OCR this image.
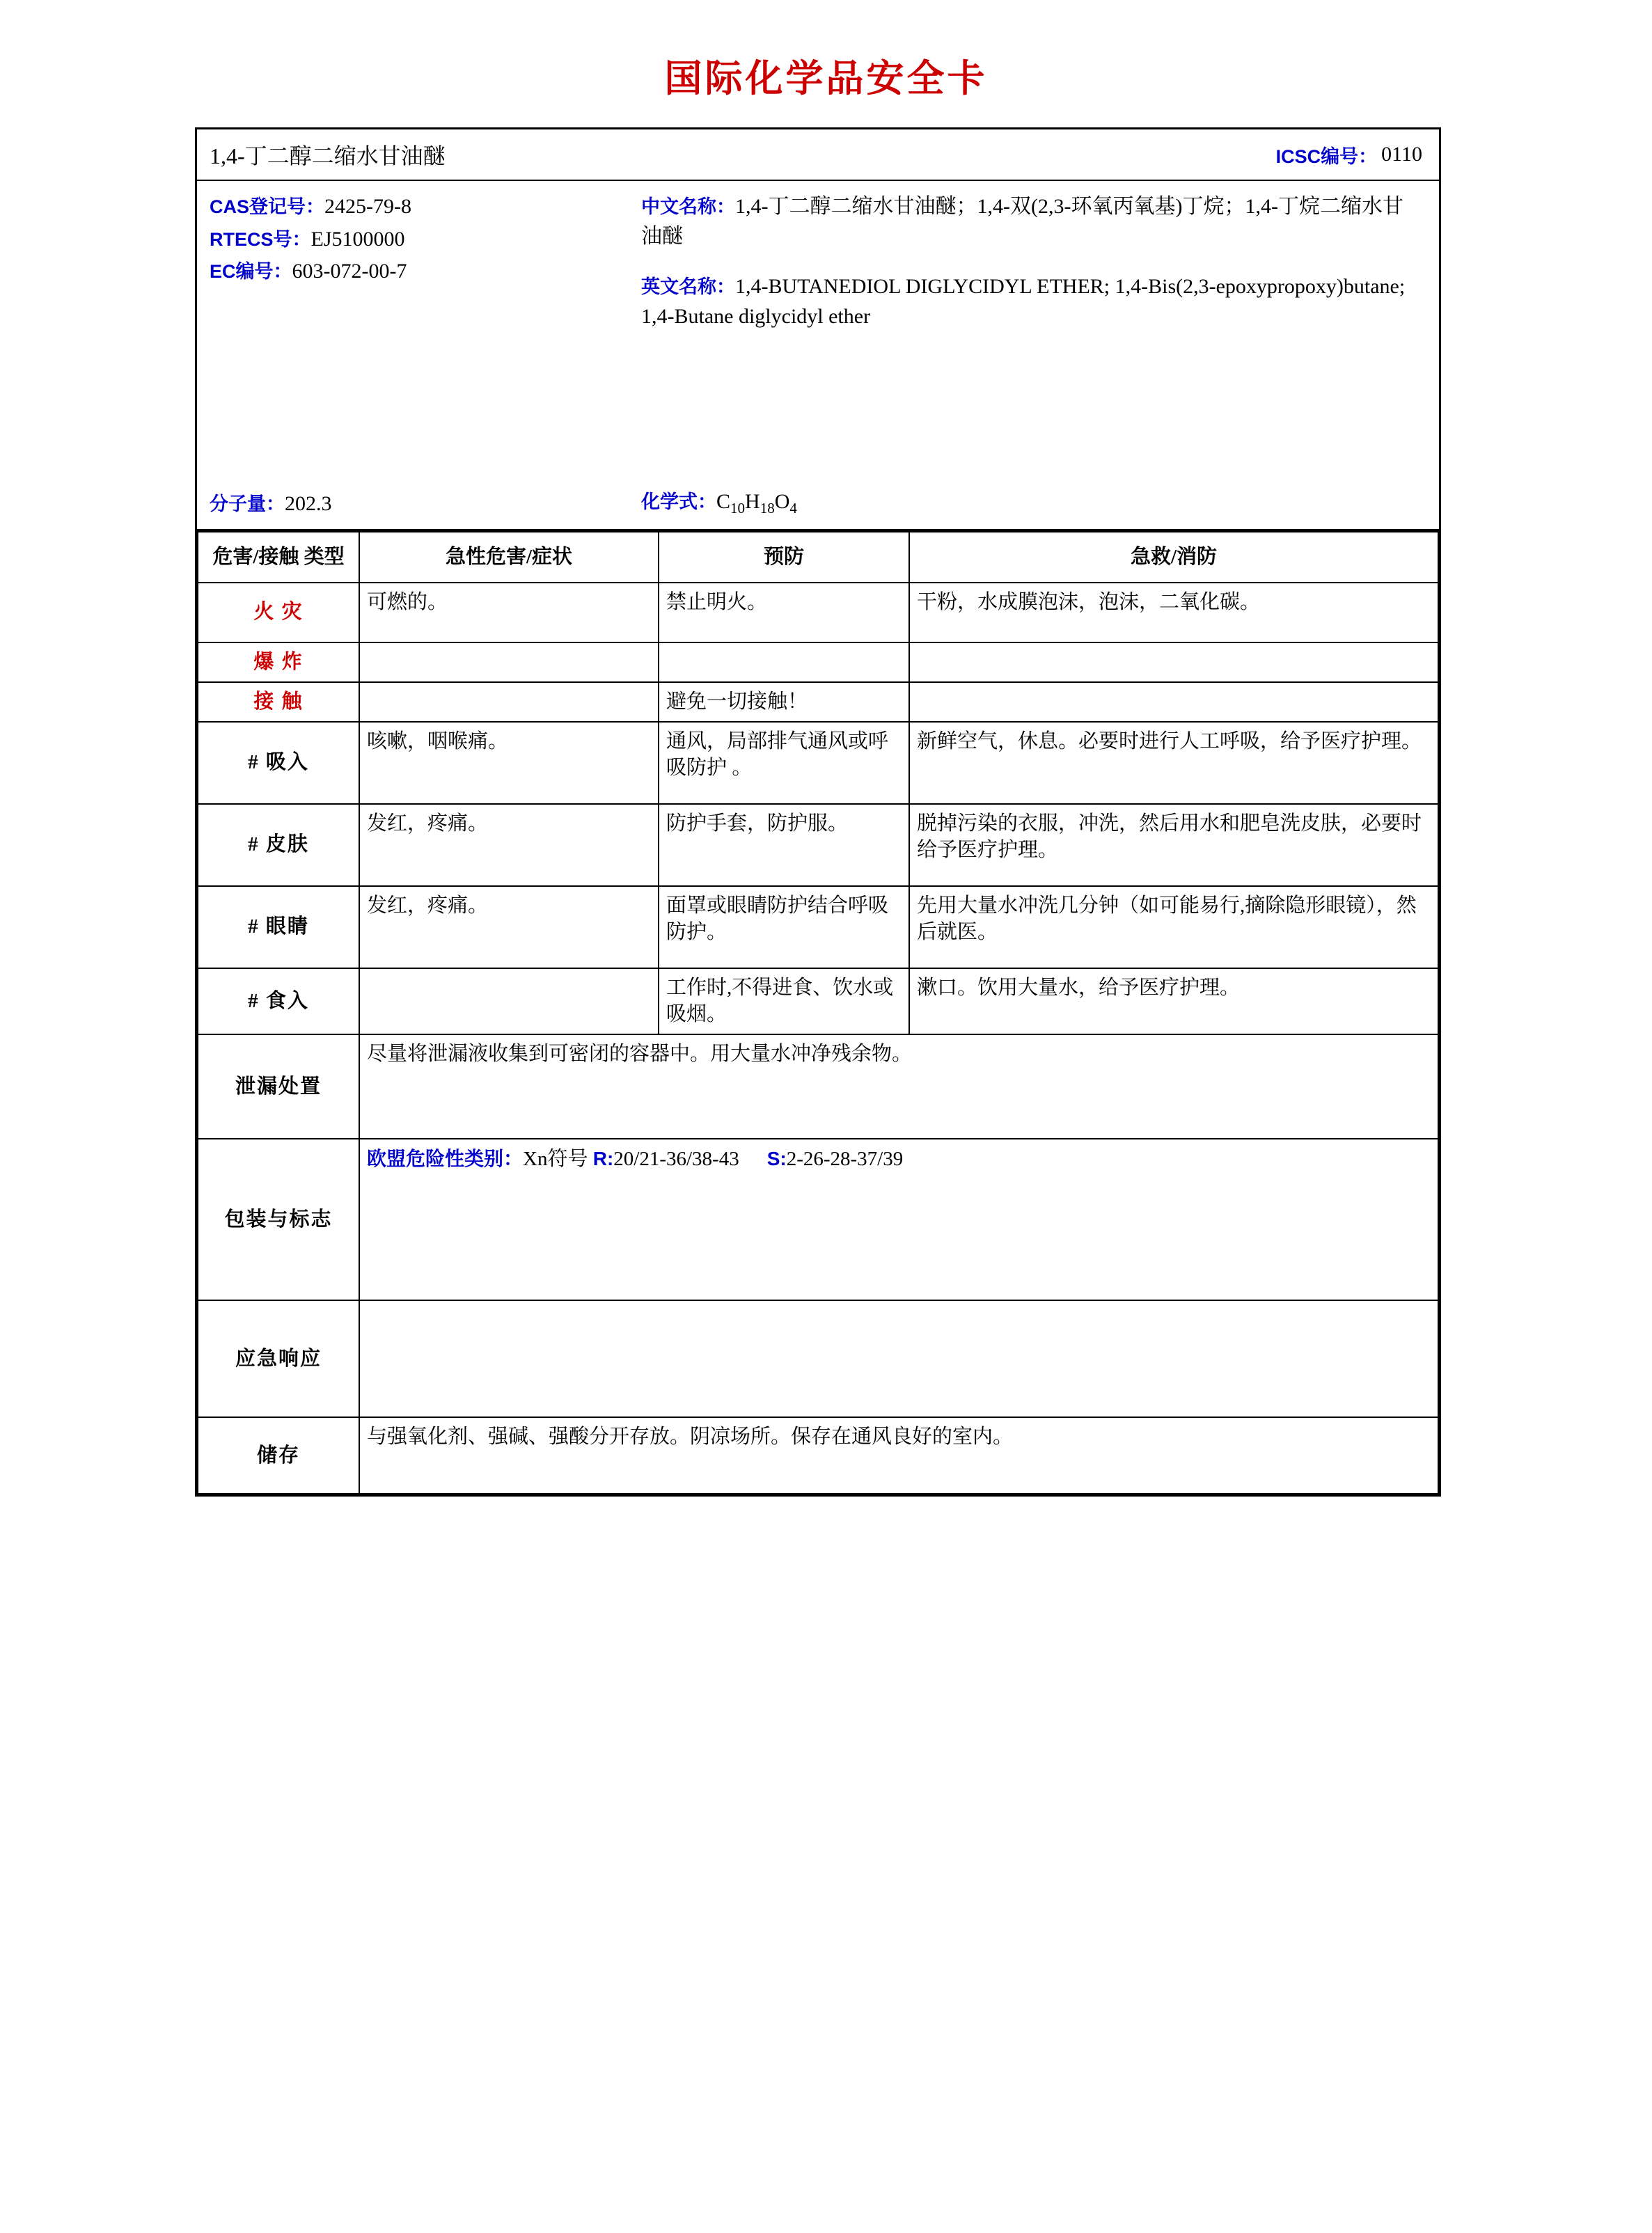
国际化学品安全卡
1,4-丁二醇二缩水甘油醚	ICSC编号： 0110
CAS登记号：2425-79-8
RTECS号：EJ5100000
EC编号：603-072-00-7
分子量：202.3
中文名称：1,4-丁二醇二缩水甘油醚；1,4-双(2,3-环氧丙氧基)丁烷；1,4-丁烷二缩水甘油醚
英文名称：1,4-BUTANEDIOL DIGLYCIDYL ETHER; 1,4-Bis(2,3-epoxypropoxy)butane; 1,4-Butane diglycidyl ether
化学式：$C_{10}H_{18}O_4$
危害/接触 类型	急性危害/症状	预防	急救/消防
火 灾	可燃的。	禁止明火。	干粉，水成膜泡沫，泡沫，二氧化碳。
爆 炸			
接 触		避免一切接触！	
# 吸入	咳嗽，咽喉痛。	通风，局部排气通风或呼吸防护 。	新鲜空气，休息。必要时进行人工呼吸，给予医疗护理。
# 皮肤	发红，疼痛。	防护手套，防护服。	脱掉污染的衣服，冲洗，然后用水和肥皂洗皮肤，必要时给予医疗护理。
# 眼睛	发红，疼痛。	面罩或眼睛防护结合呼吸防护。	先用大量水冲洗几分钟（如可能易行,摘除隐形眼镜），然后就医。
# 食入		工作时,不得进食、饮水或吸烟。	漱口。饮用大量水，给予医疗护理。
泄漏处置	尽量将泄漏液收集到可密闭的容器中。用大量水冲净残余物。		
包装与标志	欧盟危险性类别：Xn符号 R:20/21-36/38-43 S:2-26-28-37/39		

应急响应			
储存	与强氧化剂、强碱、强酸分开存放。阴凉场所。保存在通风良好的室内。		
